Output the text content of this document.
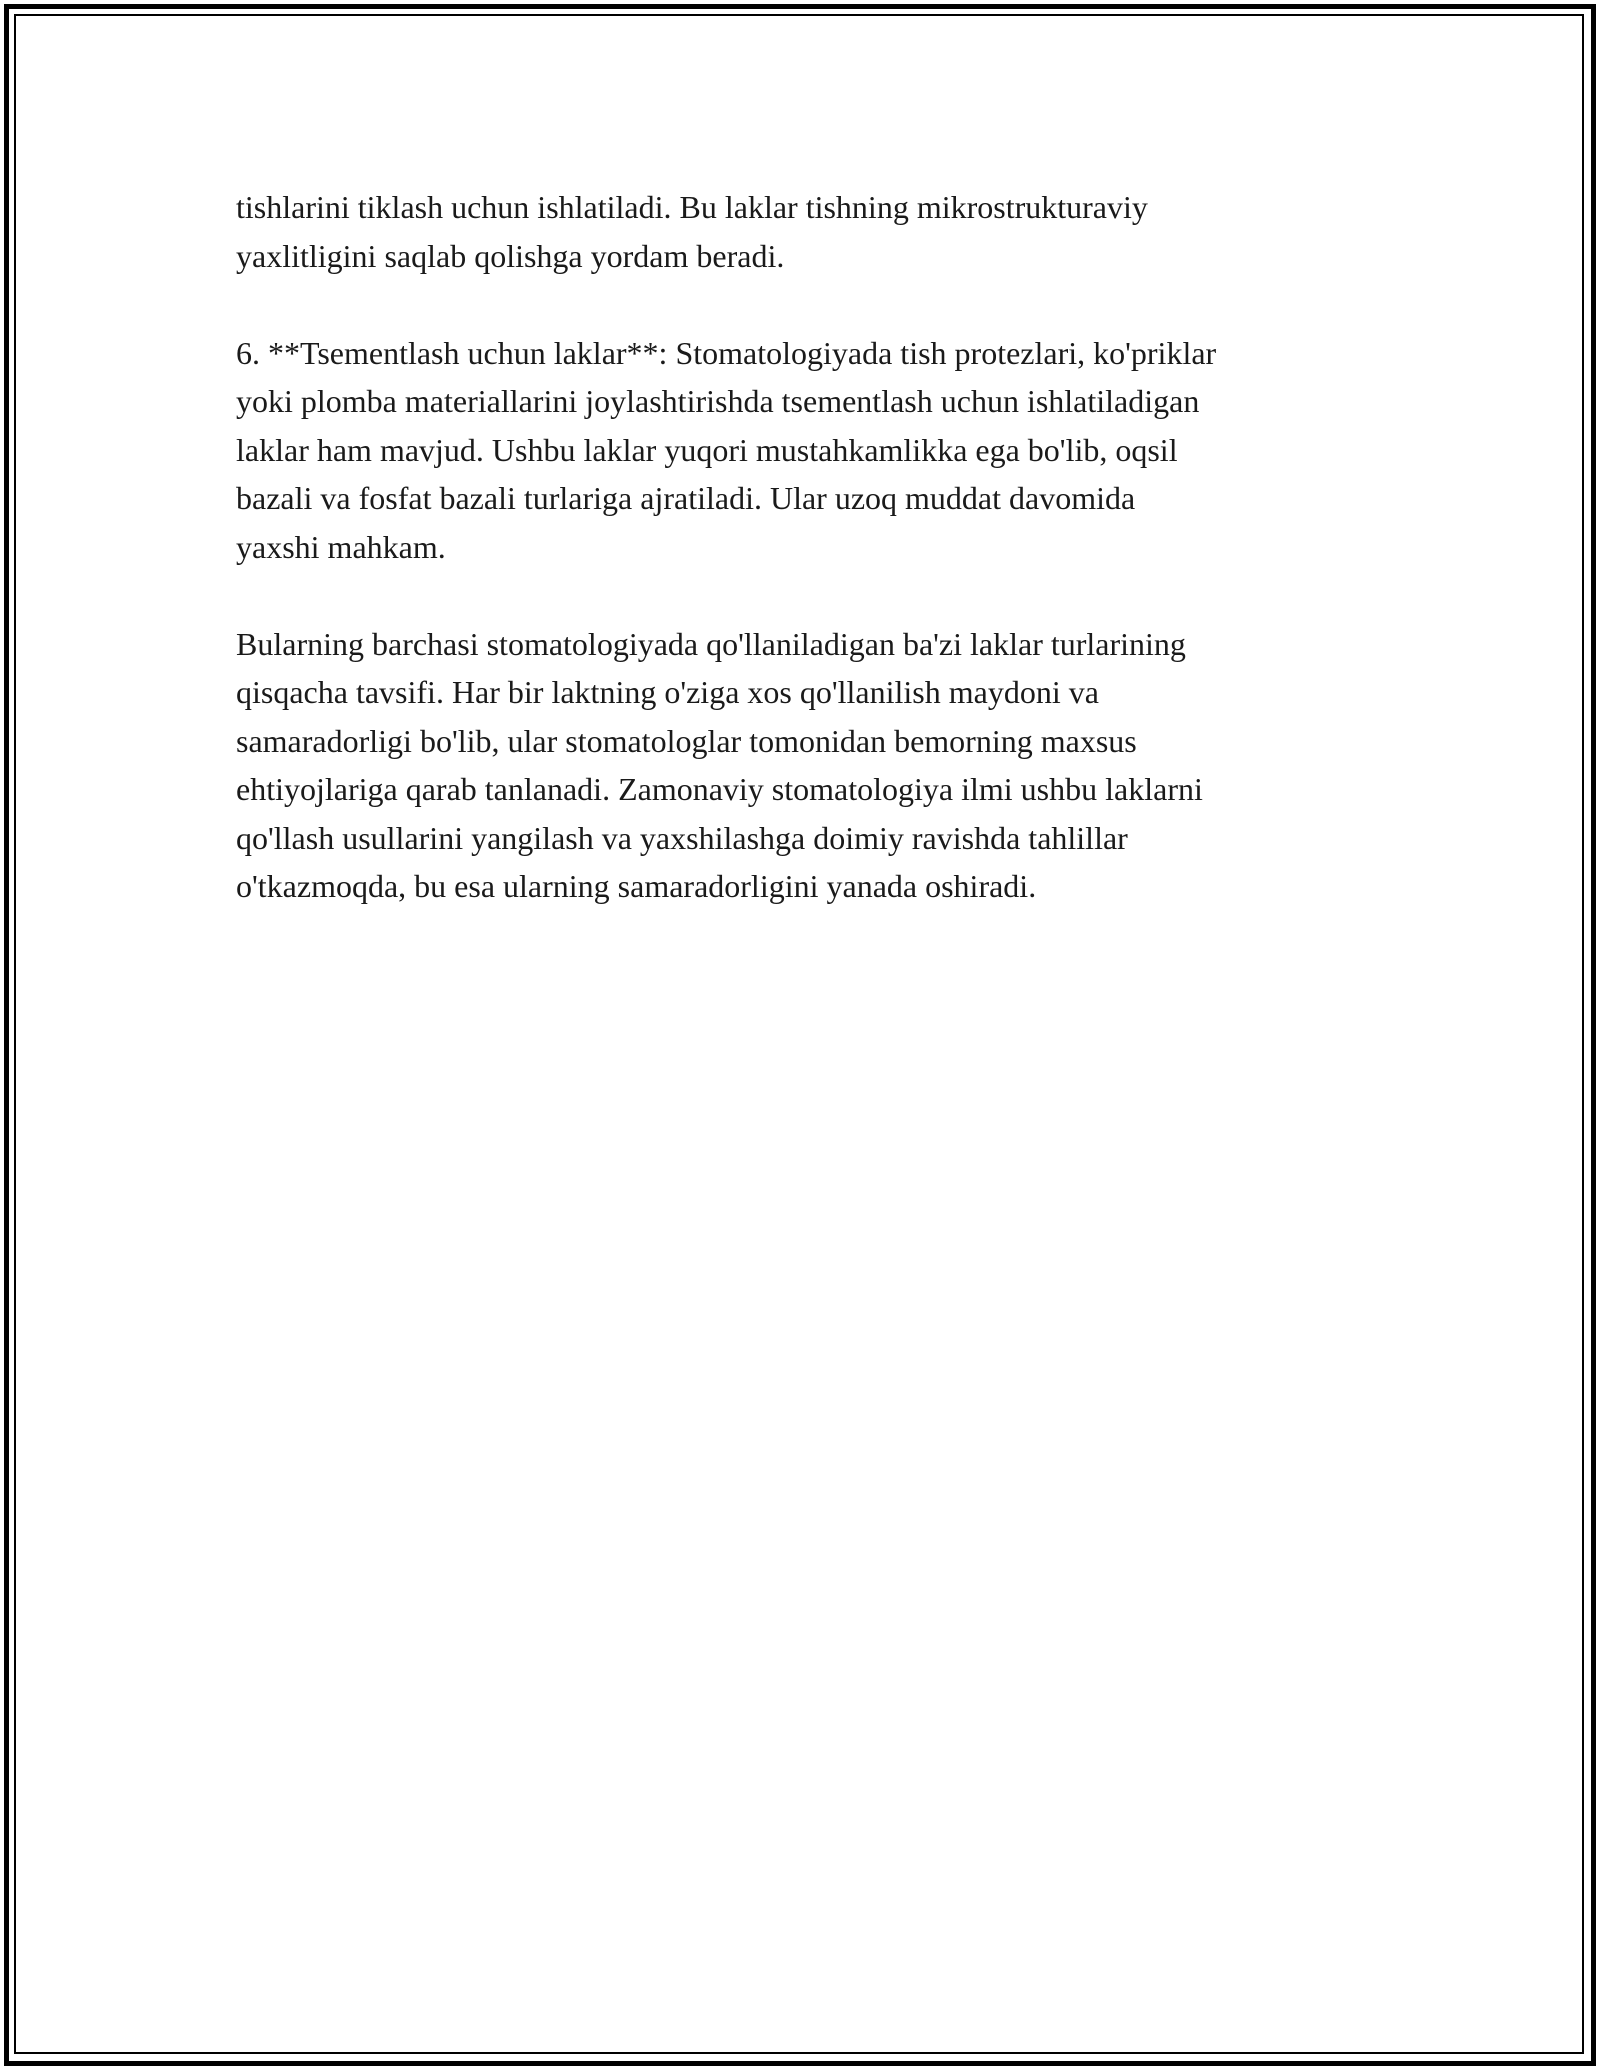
tishlarini tiklash uchun ishlatiladi. Bu laklar tishning mikrostrukturaviy
yaxlitligini saqlab qolishga yordam beradi.

6. **Tsementlash uchun laklar**: Stomatologiyada tish protezlari, ko'priklar
yoki plomba materiallarini joylashtirishda tsementlash uchun ishlatiladigan
laklar ham mavjud. Ushbu laklar yuqori mustahkamlikka ega bo'lib, oqsil
bazali va fosfat bazali turlariga ajratiladi. Ular uzoq muddat davomida
yaxshi mahkam.

Bularning barchasi stomatologiyada qo'llaniladigan ba'zi laklar turlarining
qisqacha tavsifi. Har bir laktning o'ziga xos qo'llanilish maydoni va
samaradorligi bo'lib, ular stomatologlar tomonidan bemorning maxsus
ehtiyojlariga qarab tanlanadi. Zamonaviy stomatologiya ilmi ushbu laklarni
qo'llash usullarini yangilash va yaxshilashga doimiy ravishda tahlillar
o'tkazmoqda, bu esa ularning samaradorligini yanada oshiradi.
